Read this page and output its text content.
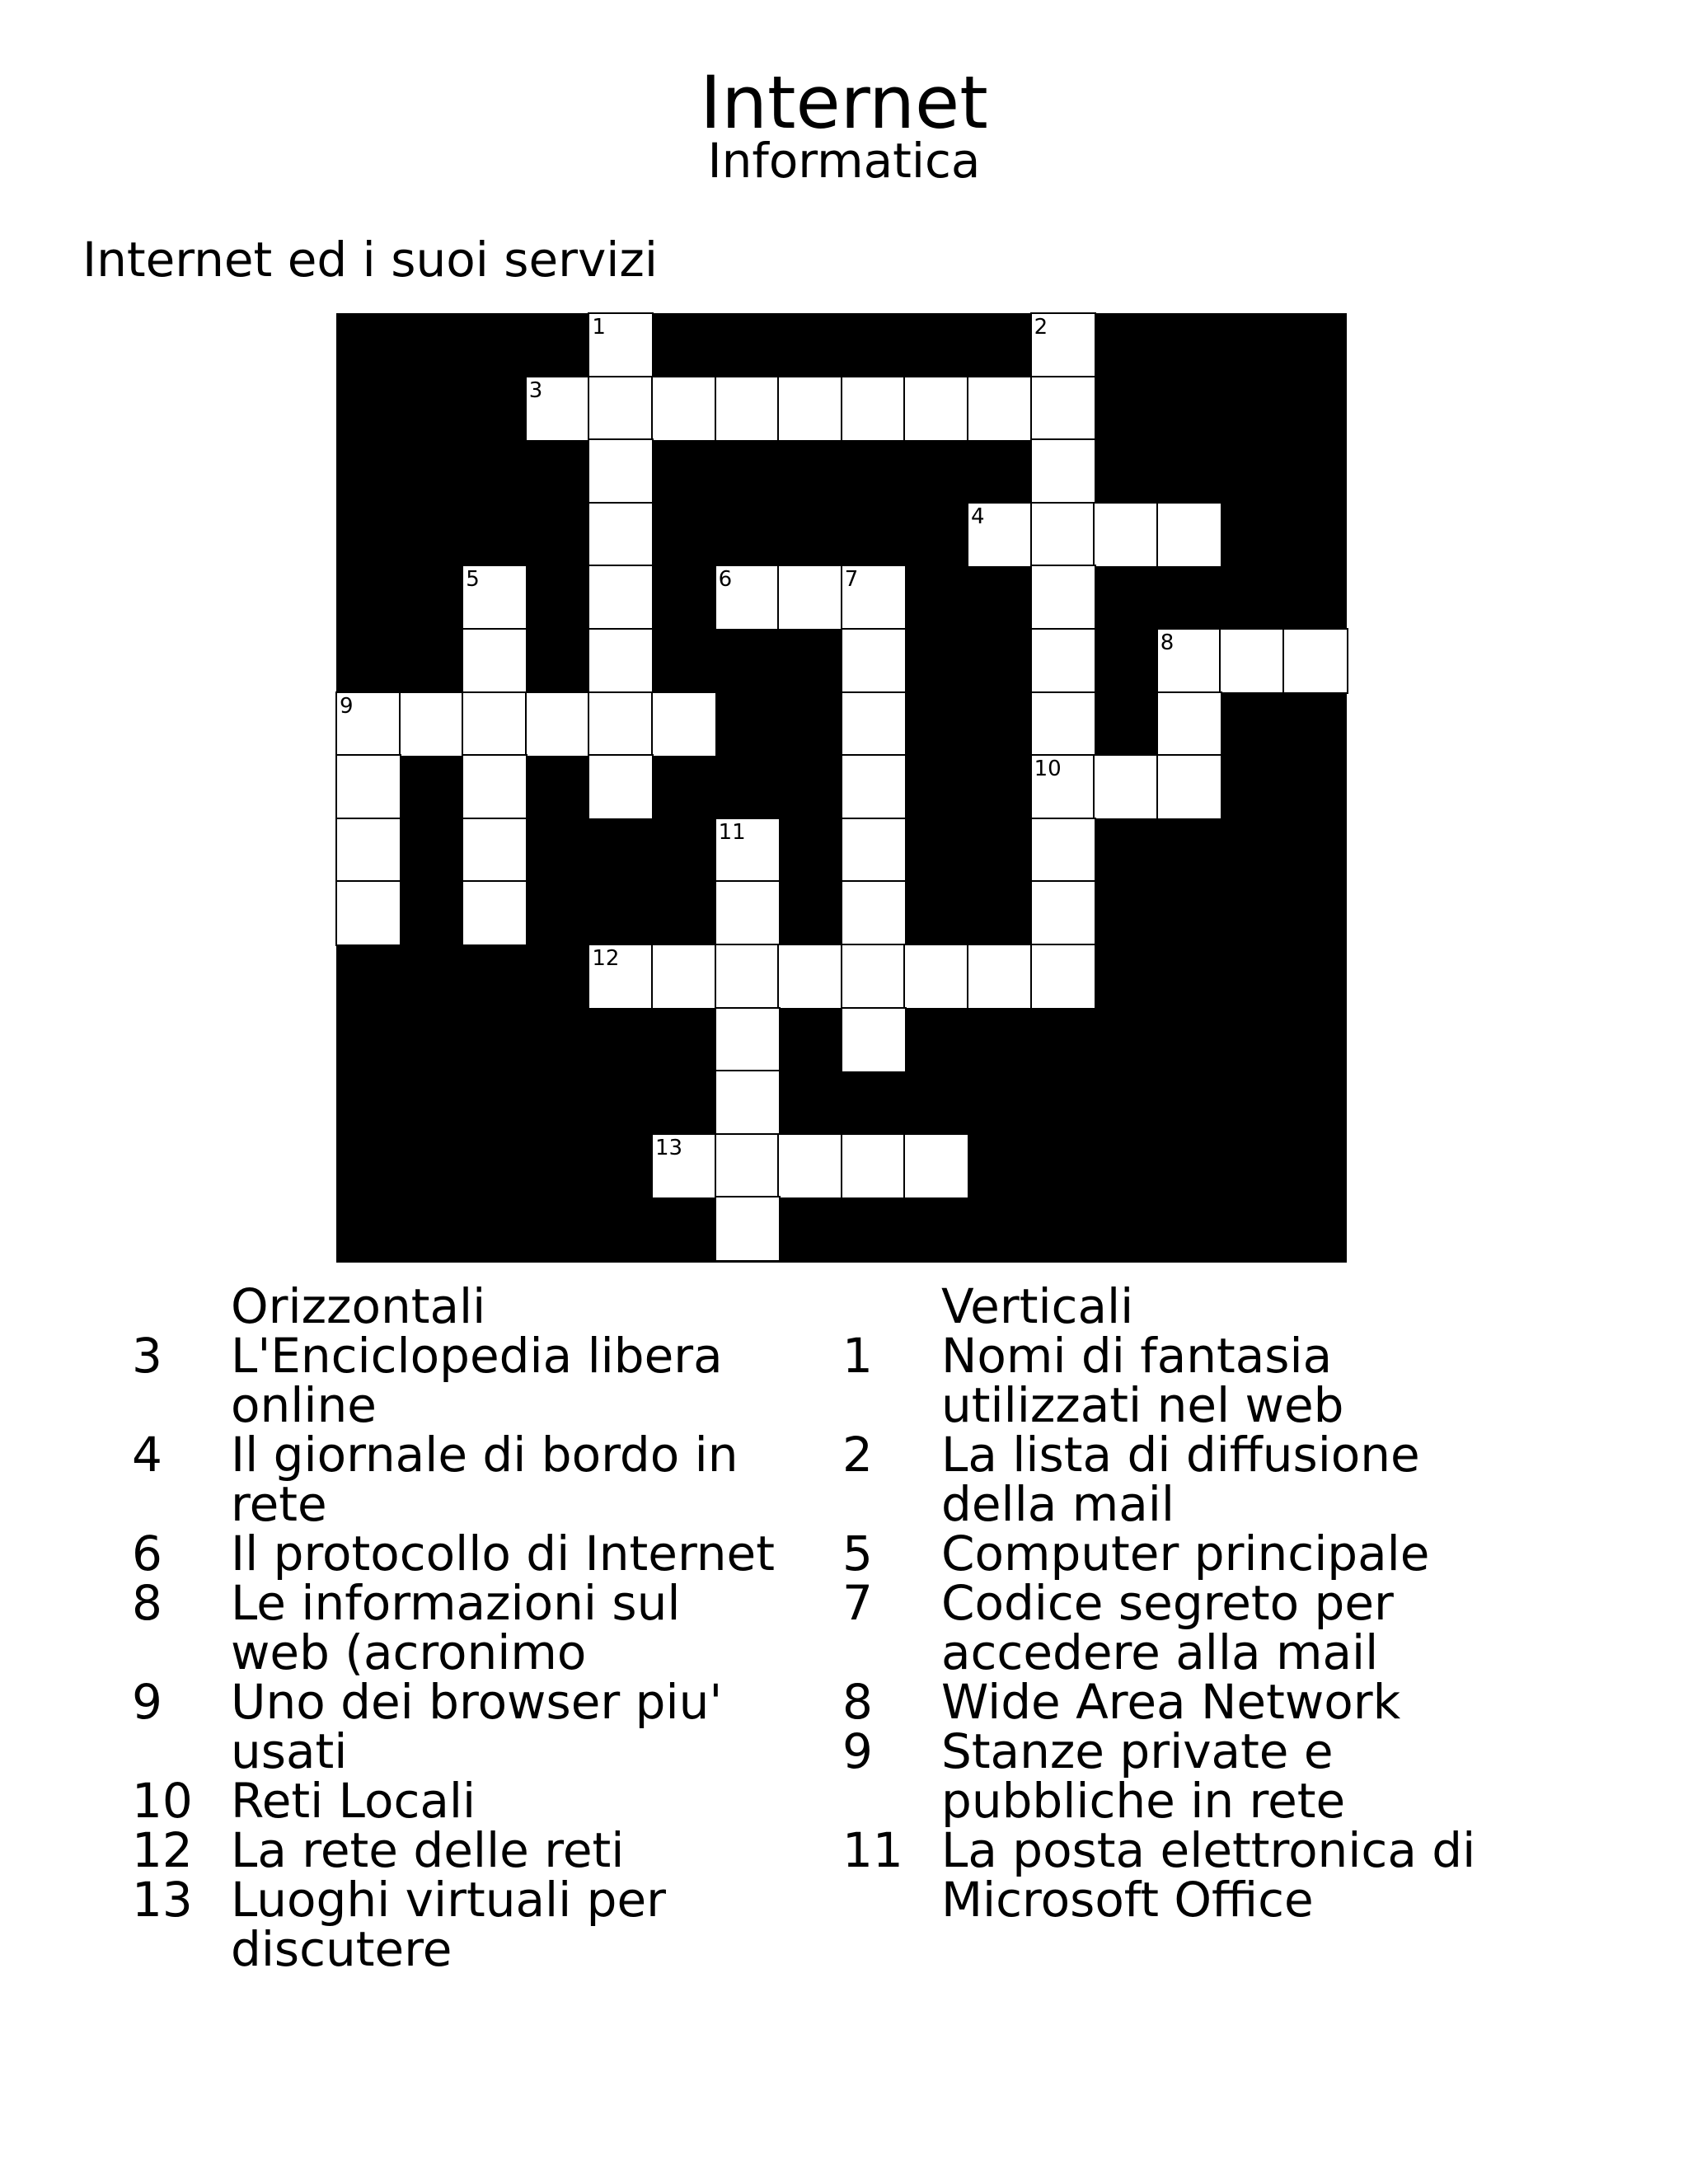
Internet
Informatica
Internet ed i suoi servizi
1	2
3
4
5	6	7
8
9
10
11
12
13
Orizzontali
3	L'Enciclopedia libera online
4	Il giornale di bordo in rete
6	Il protocollo di Internet
8	Le informazioni sul web (acronimo
9	Uno dei browser piu' usati
10 Reti Locali
12 La rete delle reti
13 Luoghi virtuali per discutere
Verticali
1	Nomi di fantasia utilizzati nel web
2	La lista di diffusione della mail
5	Computer principale
7	Codice segreto per accedere alla mail
8	Wide Area Network
9	Stanze private e pubbliche in rete
11 La posta elettronica di Microsoft Office
